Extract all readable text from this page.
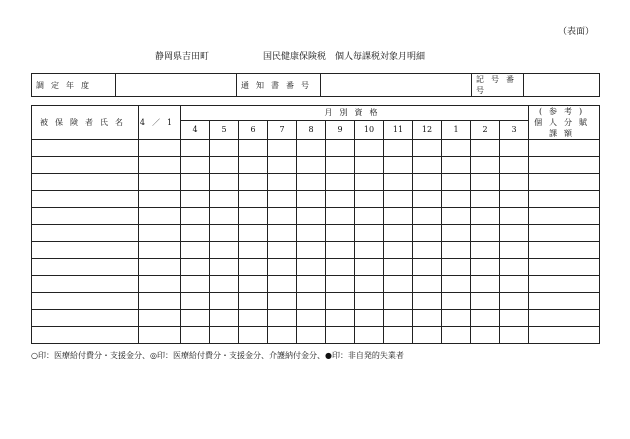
（表面）
静岡県吉田町	国民健康保険税　個人毎課税対象月明細
調定年度		通知書番号		記号番号	
被保険者氏名	4／1	月別資格												(参考)
個人分賦課額

		4	5	6	7	8	9	10	11	12	1	2	3	

○印：医療給付費分・支援金分、◎印：医療給付費分・支援金分、介護納付金分、●印：非自発的失業者
